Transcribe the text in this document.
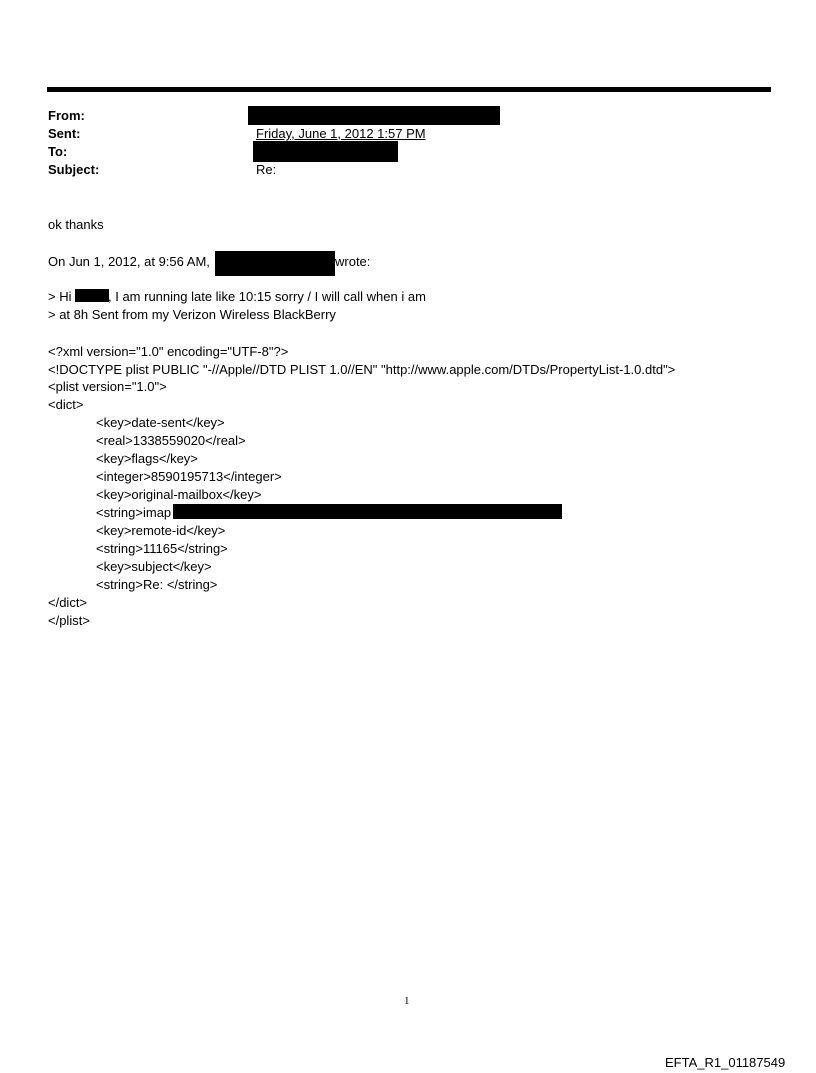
From:
Sent:	Friday, June 1, 2012 1:57 PM
To:
Subject:	Re:
ok thanks
On Jun 1, 2012, at 9:56 AM,	wrote:
> Hi	, I am running late like 10:15 sorry / I will call when i am
> at 8h Sent from my Verizon Wireless BlackBerry
<?xml version="1.0" encoding="UTF-8"?>
<!DOCTYPE plist PUBLIC "-//Apple//DTD PLIST 1.0//EN" "http://www.apple.com/DTDs/PropertyList-1.0.dtd">
<plist version="1.0">
<dict>
<key>date-sent</key>
<real>1338559020</real>
<key>flags</key>
<integer>8590195713</integer>
<key>original-mailbox</key>
<string>imap
<key>remote-id</key>
<string>11165</string>
<key>subject</key>
<string>Re: </string>
</dict>
</plist>
1
EFTA_R1_01187549
